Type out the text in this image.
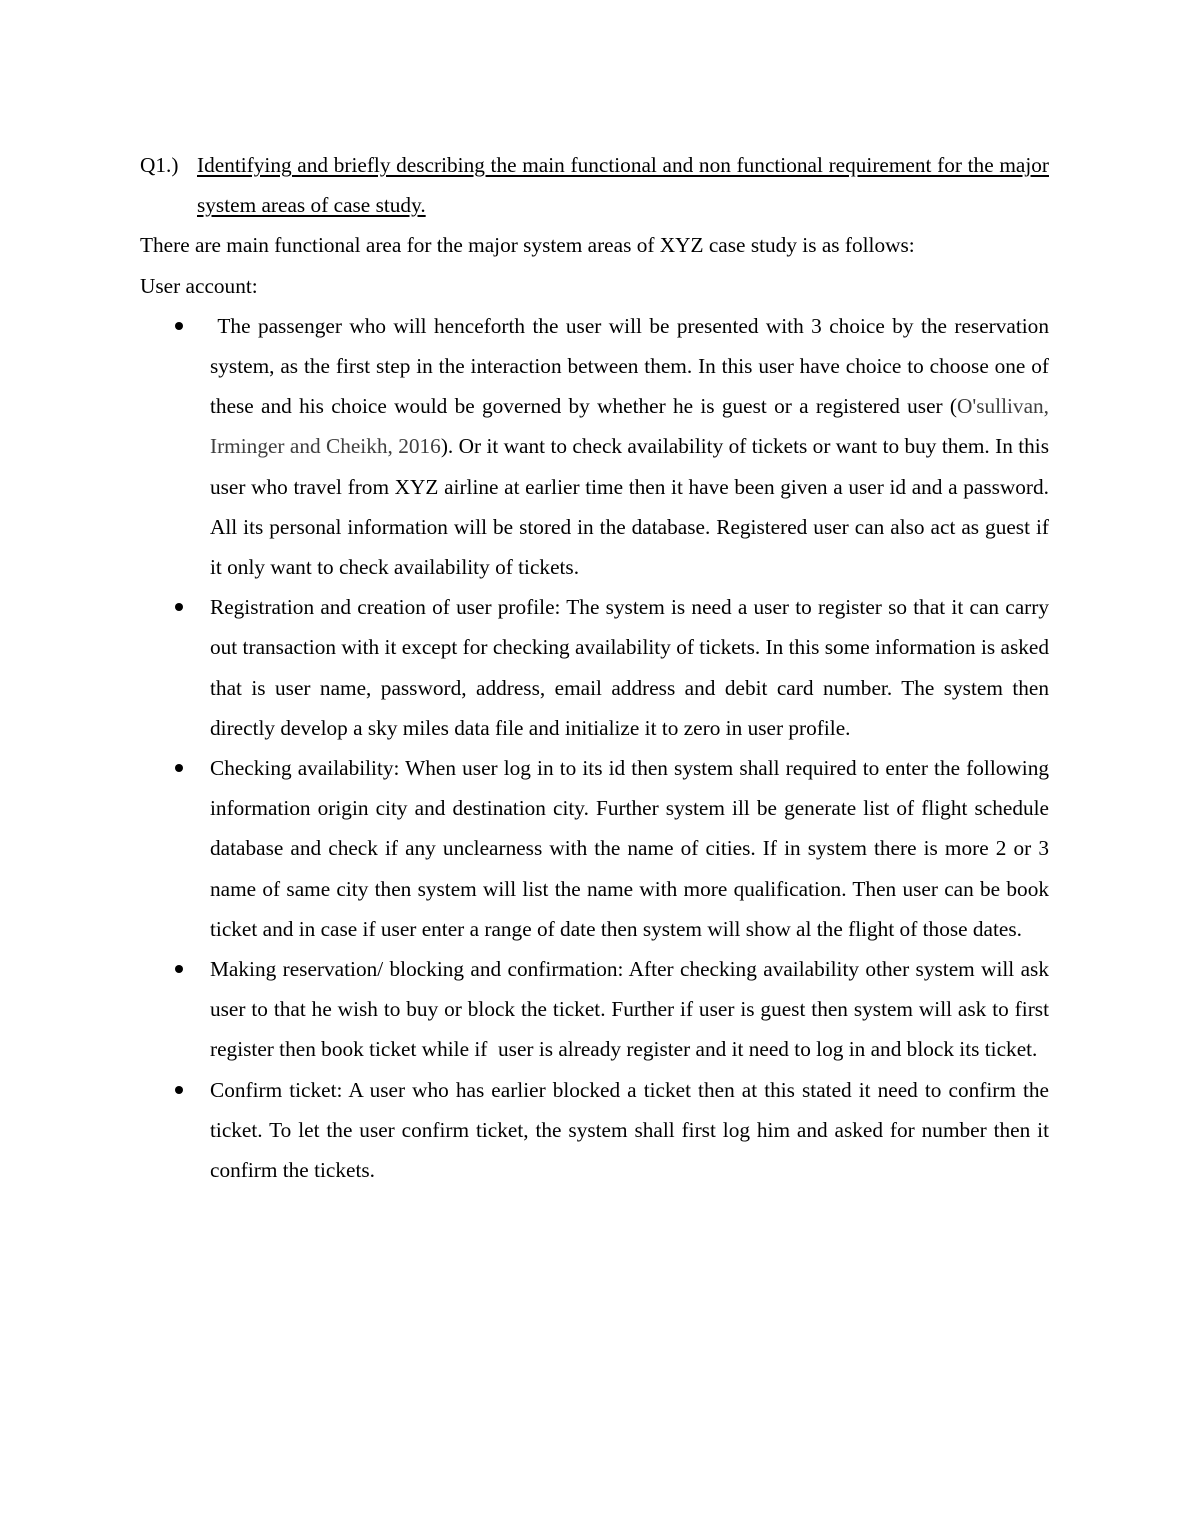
Q1.) Identifying and briefly describing the main functional and non functional requirement for the major system areas of case study.

There are main functional area for the major system areas of XYZ case study is as follows:

User account:

The passenger who will henceforth the user will be presented with 3 choice by the reservation system, as the first step in the interaction between them. In this user have choice to choose one of these and his choice would be governed by whether he is guest or a registered user (O'sullivan, Irminger and Cheikh, 2016). Or it want to check availability of tickets or want to buy them. In this user who travel from XYZ airline at earlier time then it have been given a user id and a password. All its personal information will be stored in the database. Registered user can also act as guest if it only want to check availability of tickets.
Registration and creation of user profile: The system is need a user to register so that it can carry out transaction with it except for checking availability of tickets. In this some information is asked that is user name, password, address, email address and debit card number. The system then directly develop a sky miles data file and initialize it to zero in user profile.
Checking availability: When user log in to its id then system shall required to enter the following information origin city and destination city. Further system ill be generate list of flight schedule database and check if any unclearness with the name of cities. If in system there is more 2 or 3 name of same city then system will list the name with more qualification. Then user can be book ticket and in case if user enter a range of date then system will show al the flight of those dates.
Making reservation/ blocking and confirmation: After checking availability other system will ask user to that he wish to buy or block the ticket. Further if user is guest then system will ask to first register then book ticket while if  user is already register and it need to log in and block its ticket.
Confirm ticket: A user who has earlier blocked a ticket then at this stated it need to confirm the ticket. To let the user confirm ticket, the system shall first log him and asked for number then it confirm the tickets.
